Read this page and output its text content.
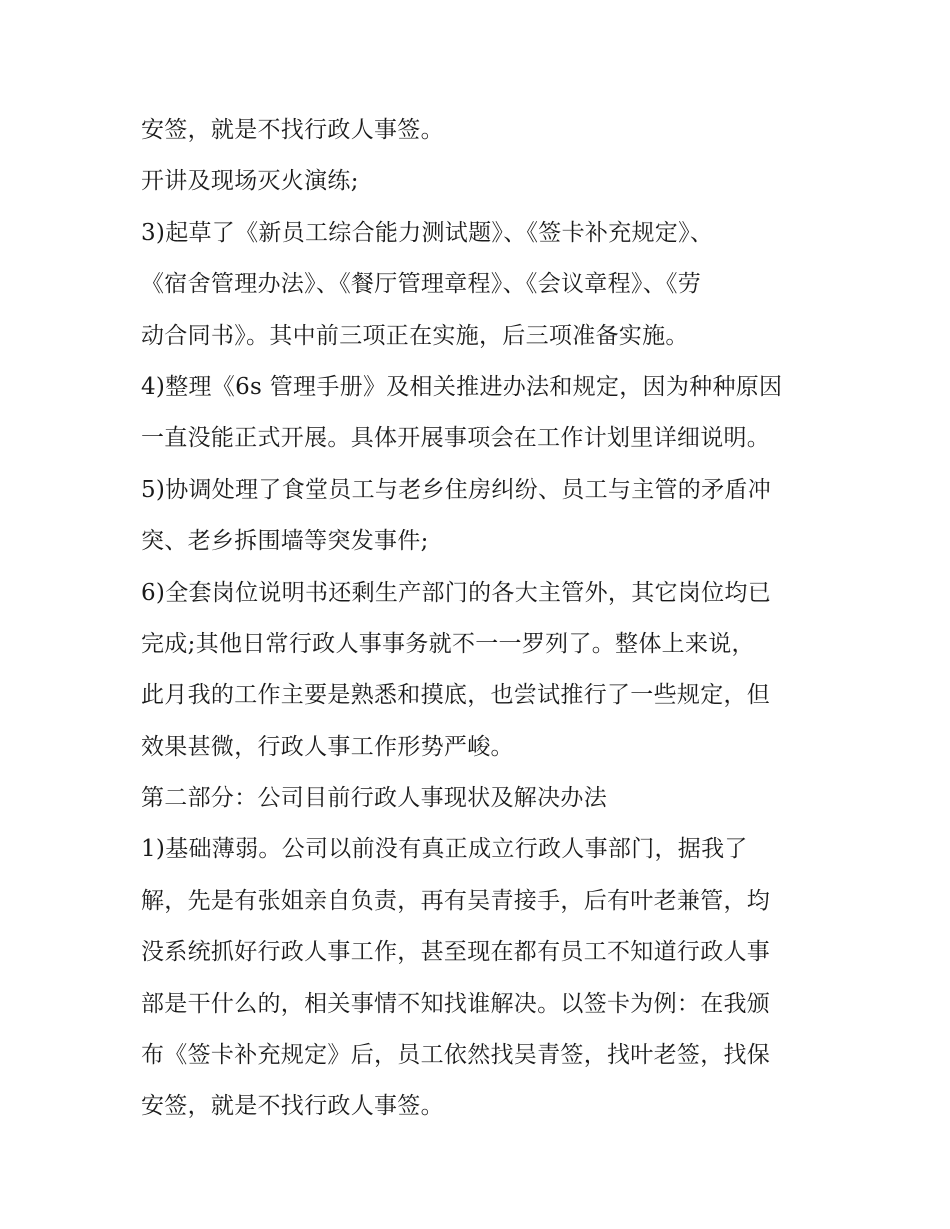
安签，就是不找行政人事签。
开讲及现场灭火演练;
3)起草了《新员工综合能力测试题》、《签卡补充规定》、
《宿舍管理办法》、《餐厅管理章程》、《会议章程》、《劳
动合同书》。其中前三项正在实施，后三项准备实施。
4)整理《6s 管理手册》及相关推进办法和规定，因为种种原因
一直没能正式开展。具体开展事项会在工作计划里详细说明。
5)协调处理了食堂员工与老乡住房纠纷、员工与主管的矛盾冲
突、老乡拆围墙等突发事件;
6)全套岗位说明书还剩生产部门的各大主管外，其它岗位均已
完成;其他日常行政人事事务就不一一罗列了。整体上来说，
此月我的工作主要是熟悉和摸底，也尝试推行了一些规定，但
效果甚微，行政人事工作形势严峻。
第二部分：公司目前行政人事现状及解决办法
1)基础薄弱。公司以前没有真正成立行政人事部门，据我了
解，先是有张姐亲自负责，再有吴青接手，后有叶老兼管，均
没系统抓好行政人事工作，甚至现在都有员工不知道行政人事
部是干什么的，相关事情不知找谁解决。以签卡为例：在我颁
布《签卡补充规定》后，员工依然找吴青签，找叶老签，找保
安签，就是不找行政人事签。
